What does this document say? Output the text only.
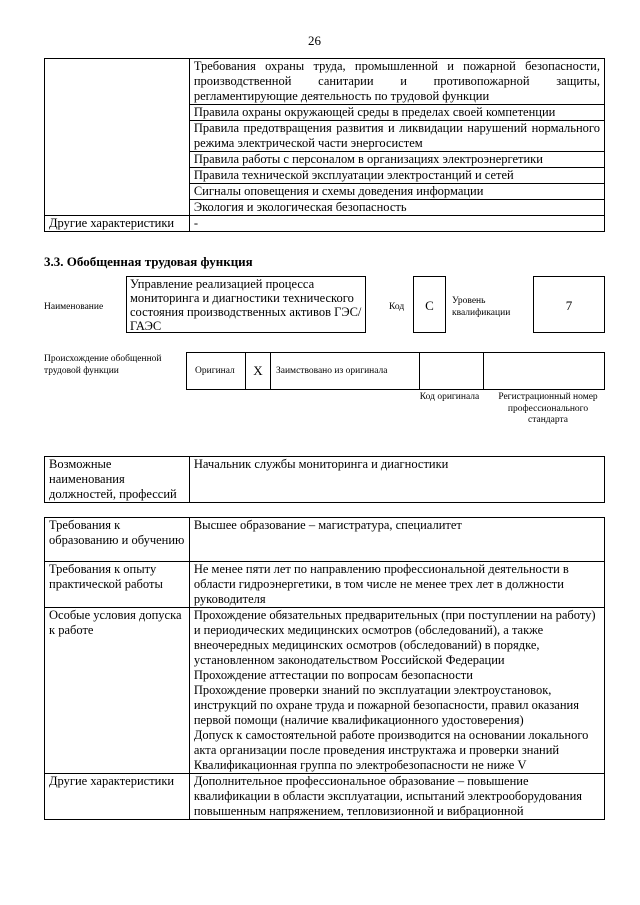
26
	Требования охраны труда, промышленной и пожарной безопасности, производственной санитарии и противопожарной защиты, регламентирующие деятельность по трудовой функции
	Правила охраны окружающей среды в пределах своей компетенции
	Правила предотвращения развития и ликвидации нарушений нормального режима электрической части энергосистем
	Правила работы с персоналом в организациях электроэнергетики
	Правила технической эксплуатации электростанций и сетей
	Сигналы оповещения и схемы доведения информации
	Экология и экологическая безопасность
Другие характеристики	-
3.3. Обобщенная трудовая функция
Наименование
Управление реализацией процесса мониторинга и диагностики технического состояния производственных активов ГЭС/ГАЭС
Код	C	Уровень квалификации	7
Происхождение обобщенной трудовой функции	Оригинал	X	Заимствовано из оригинала
Код оригинала Регистрационный номер профессионального стандарта
Возможные наименования должностей, профессий	Начальник службы мониторинга и диагностики
Требования к образованию и обучению	Высшее образование – магистратура, специалитет
Требования к опыту практической работы	Не менее пяти лет по направлению профессиональной деятельности в области гидроэнергетики, в том числе не менее трех лет в должности руководителя
Особые условия допуска к работе	Прохождение обязательных предварительных (при поступлении на работу) и периодических медицинских осмотров (обследований), а также внеочередных медицинских осмотров (обследований) в порядке, установленном законодательством Российской Федерации
Прохождение аттестации по вопросам безопасности
Прохождение проверки знаний по эксплуатации электроустановок, инструкций по охране труда и пожарной безопасности, правил оказания первой помощи (наличие квалификационного удостоверения)
Допуск к самостоятельной работе производится на основании локального акта организации после проведения инструктажа и проверки знаний
Квалификационная группа по электробезопасности не ниже V

Другие характеристики	Дополнительное профессиональное образование – повышение квалификации в области эксплуатации, испытаний электрооборудования повышенным напряжением, тепловизионной и вибрационной
